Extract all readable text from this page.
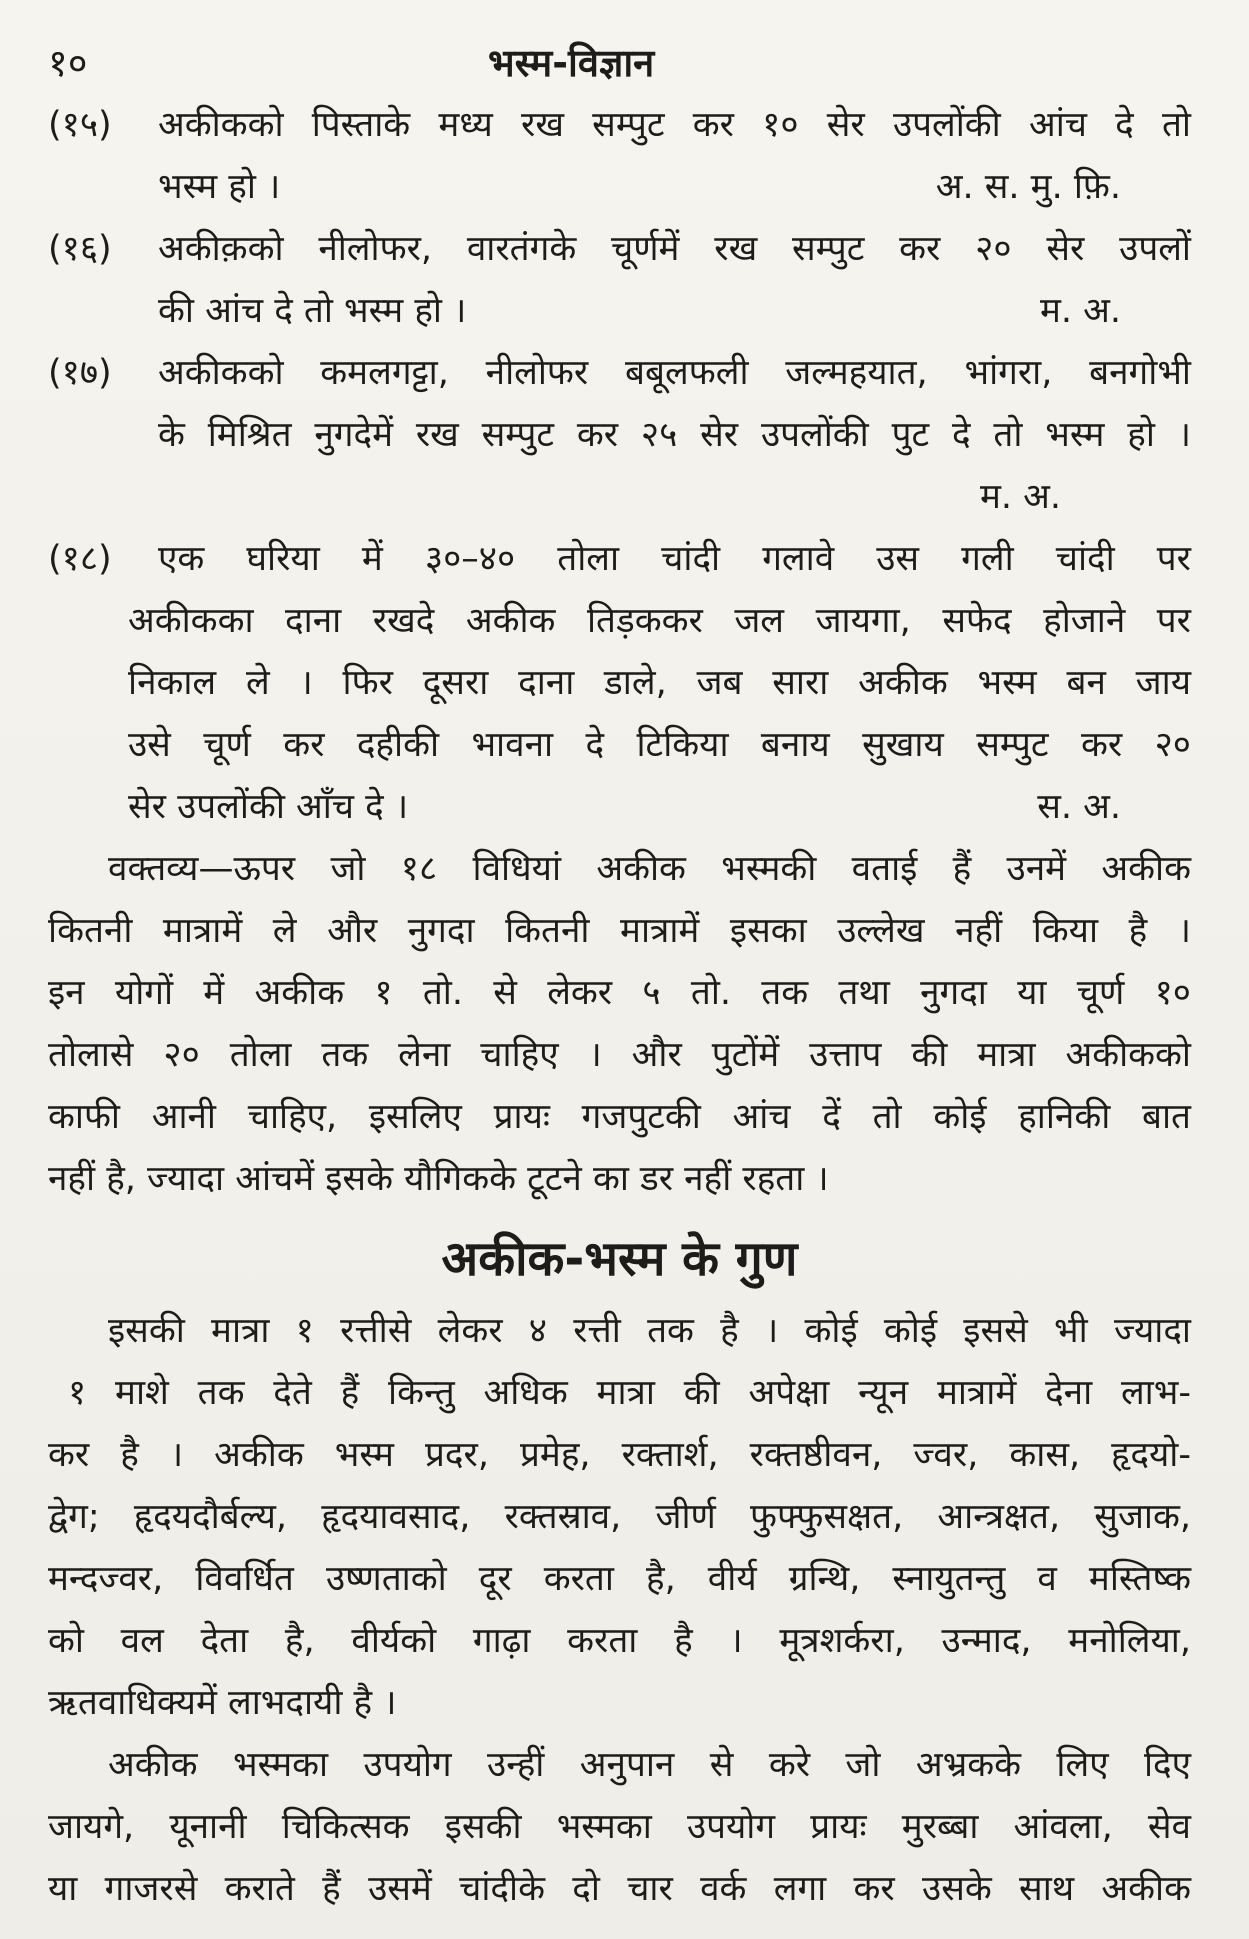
१०	भस्म-विज्ञान
(१५)	अकीकको पिस्ताके मध्य रख सम्पुट कर १० सेर उपलोंकी आंच दे तो
भस्म हो ।	अ. स. मु. फ़ि.
(१६)	अकीक़को नीलोफर, वारतंगके चूर्णमें रख सम्पुट कर २० सेर उपलों
की आंच दे तो भस्म हो ।	म. अ.
(१७)	अकीकको कमलगट्टा, नीलोफर बबूलफली जल्महयात, भांगरा, बनगोभी
के मिश्रित नुगदेमें रख सम्पुट कर २५ सेर उपलोंकी पुट दे तो भस्म हो ।
म. अ.
(१८)	एक घरिया में ३०–४० तोला चांदी गलावे उस गली चांदी पर
अकीकका दाना रखदे अकीक तिड़ककर जल जायगा, सफेद होजाने पर
निकाल ले । फिर दूसरा दाना डाले, जब सारा अकीक भस्म बन जाय
उसे चूर्ण कर दहीकी भावना दे टिकिया बनाय सुखाय सम्पुट कर २०
सेर उपलोंकी आँच दे ।	स. अ.
वक्तव्य—ऊपर जो १८ विधियां अकीक भस्मकी वताई हैं उनमें अकीक
कितनी मात्रामें ले और नुगदा कितनी मात्रामें इसका उल्लेख नहीं किया है ।
इन योगों में अकीक १ तो. से लेकर ५ तो. तक तथा नुगदा या चूर्ण १०
तोलासे २० तोला तक लेना चाहिए । और पुटोंमें उत्ताप की मात्रा अकीकको
काफी आनी चाहिए, इसलिए प्रायः गजपुटकी आंच दें तो कोई हानिकी बात
नहीं है, ज्यादा आंचमें इसके यौगिकके टूटने का डर नहीं रहता ।
अकीक-भस्म के गुण
इसकी मात्रा १ रत्तीसे लेकर ४ रत्ती तक है । कोई कोई इससे भी ज्यादा
१ माशे तक देते हैं किन्तु अधिक मात्रा की अपेक्षा न्यून मात्रामें देना लाभ-
कर है । अकीक भस्म प्रदर, प्रमेह, रक्तार्श, रक्तष्ठीवन, ज्वर, कास, हृदयो-
द्वेग; हृदयदौर्बल्य, हृदयावसाद, रक्तस्राव, जीर्ण फुफ्फुसक्षत, आन्त्रक्षत, सुजाक,
मन्दज्वर, विवर्धित उष्णताको दूर करता है, वीर्य ग्रन्थि, स्नायुतन्तु व मस्तिष्क
को वल देता है, वीर्यको गाढ़ा करता है । मूत्रशर्करा, उन्माद, मनोलिया,
ऋतवाधिक्यमें लाभदायी है ।
अकीक भस्मका उपयोग उन्हीं अनुपान से करे जो अभ्रकके लिए दिए
जायगे, यूनानी चिकित्सक इसकी भस्मका उपयोग प्रायः मुरब्बा आंवला, सेव
या गाजरसे कराते हैं उसमें चांदीके दो चार वर्क लगा कर उसके साथ अकीक
